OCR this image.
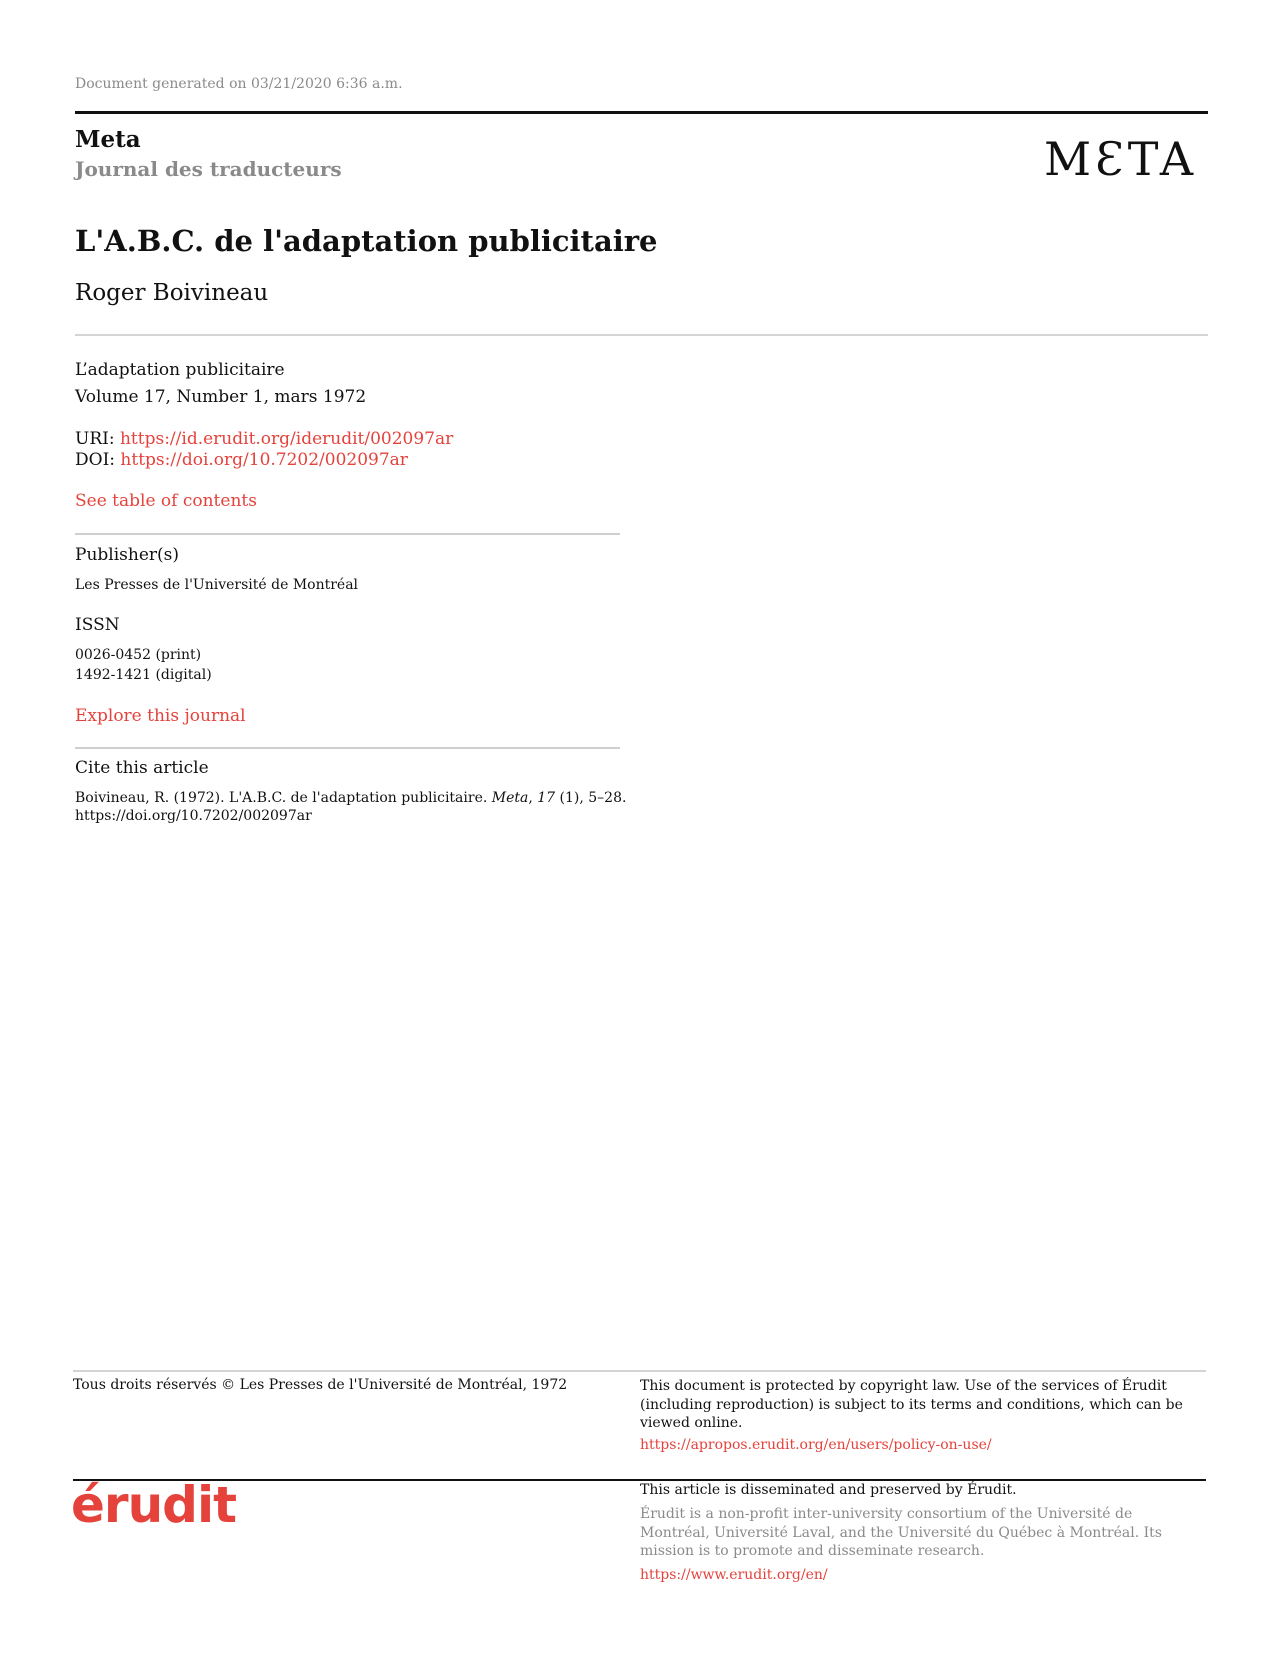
Document generated on 03/21/2020 6:36 a.m.
Meta
Journal des traducteurs	MƐTA
L'A.B.C. de l'adaptation publicitaire
Roger Boivineau
L’adaptation publicitaire
Volume 17, Number 1, mars 1972
URI: https://id.erudit.org/iderudit/002097ar
DOI: https://doi.org/10.7202/002097ar
See table of contents
Publisher(s)
Les Presses de l'Université de Montréal
ISSN
0026-0452 (print)
1492-1421 (digital)
Explore this journal
Cite this article
Boivineau, R. (1972). L'A.B.C. de l'adaptation publicitaire. Meta, 17 (1), 5–28.
https://doi.org/10.7202/002097ar
Tous droits réservés © Les Presses de l'Université de Montréal, 1972	This document is protected by copyright law. Use of the services of Érudit (including reproduction) is subject to its terms and conditions, which can be viewed online.
https://apropos.erudit.org/en/users/policy-on-use/
érudit	This article is disseminated and preserved by Érudit.
Érudit is a non-profit inter-university consortium of the Université de Montréal, Université Laval, and the Université du Québec à Montréal. Its mission is to promote and disseminate research.
https://www.erudit.org/en/
